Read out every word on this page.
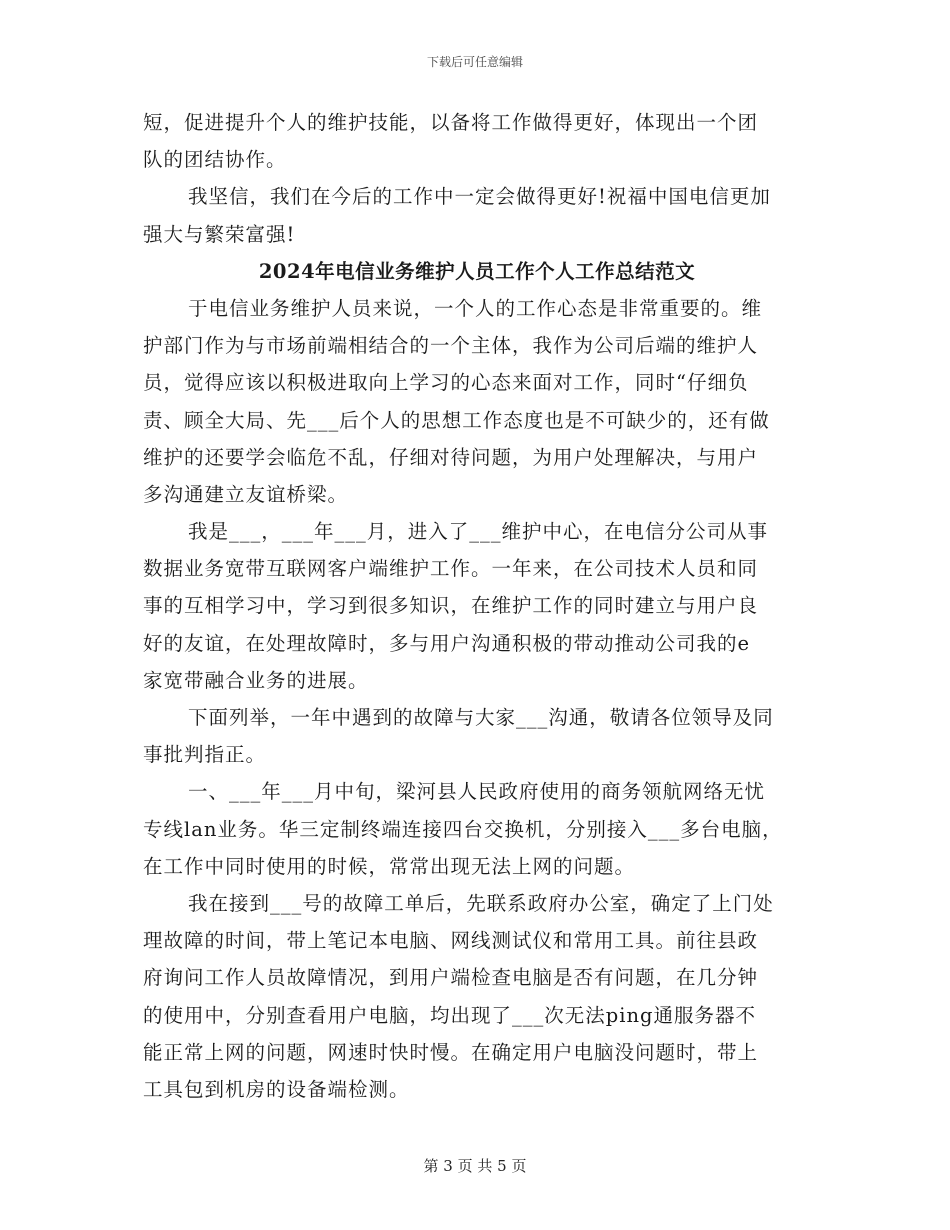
下载后可任意编辑
短，促进提升个人的维护技能，以备将工作做得更好，体现出一个团
队的团结协作。
我坚信，我们在今后的工作中一定会做得更好!祝福中国电信更加
强大与繁荣富强!
2024年电信业务维护人员工作个人工作总结范文
于电信业务维护人员来说，一个人的工作心态是非常重要的。维
护部门作为与市场前端相结合的一个主体，我作为公司后端的维护人
员，觉得应该以积极进取向上学习的心态来面对工作，同时“仔细负
责、顾全大局、先___后个人的思想工作态度也是不可缺少的，还有做
维护的还要学会临危不乱，仔细对待问题，为用户处理解决，与用户
多沟通建立友谊桥梁。
我是___，___年___月，进入了___维护中心，在电信分公司从事
数据业务宽带互联网客户端维护工作。一年来，在公司技术人员和同
事的互相学习中，学习到很多知识，在维护工作的同时建立与用户良
好的友谊，在处理故障时，多与用户沟通积极的带动推动公司我的e
家宽带融合业务的进展。
下面列举，一年中遇到的故障与大家___沟通，敬请各位领导及同
事批判指正。
一、___年___月中旬，梁河县人民政府使用的商务领航网络无忧
专线lan业务。华三定制终端连接四台交换机，分别接入___多台电脑，
在工作中同时使用的时候，常常出现无法上网的问题。
我在接到___号的故障工单后，先联系政府办公室，确定了上门处
理故障的时间，带上笔记本电脑、网线测试仪和常用工具。前往县政
府询问工作人员故障情况，到用户端检查电脑是否有问题，在几分钟
的使用中，分别查看用户电脑，均出现了___次无法ping通服务器不
能正常上网的问题，网速时快时慢。在确定用户电脑没问题时，带上
工具包到机房的设备端检测。
第 3 页 共 5 页
